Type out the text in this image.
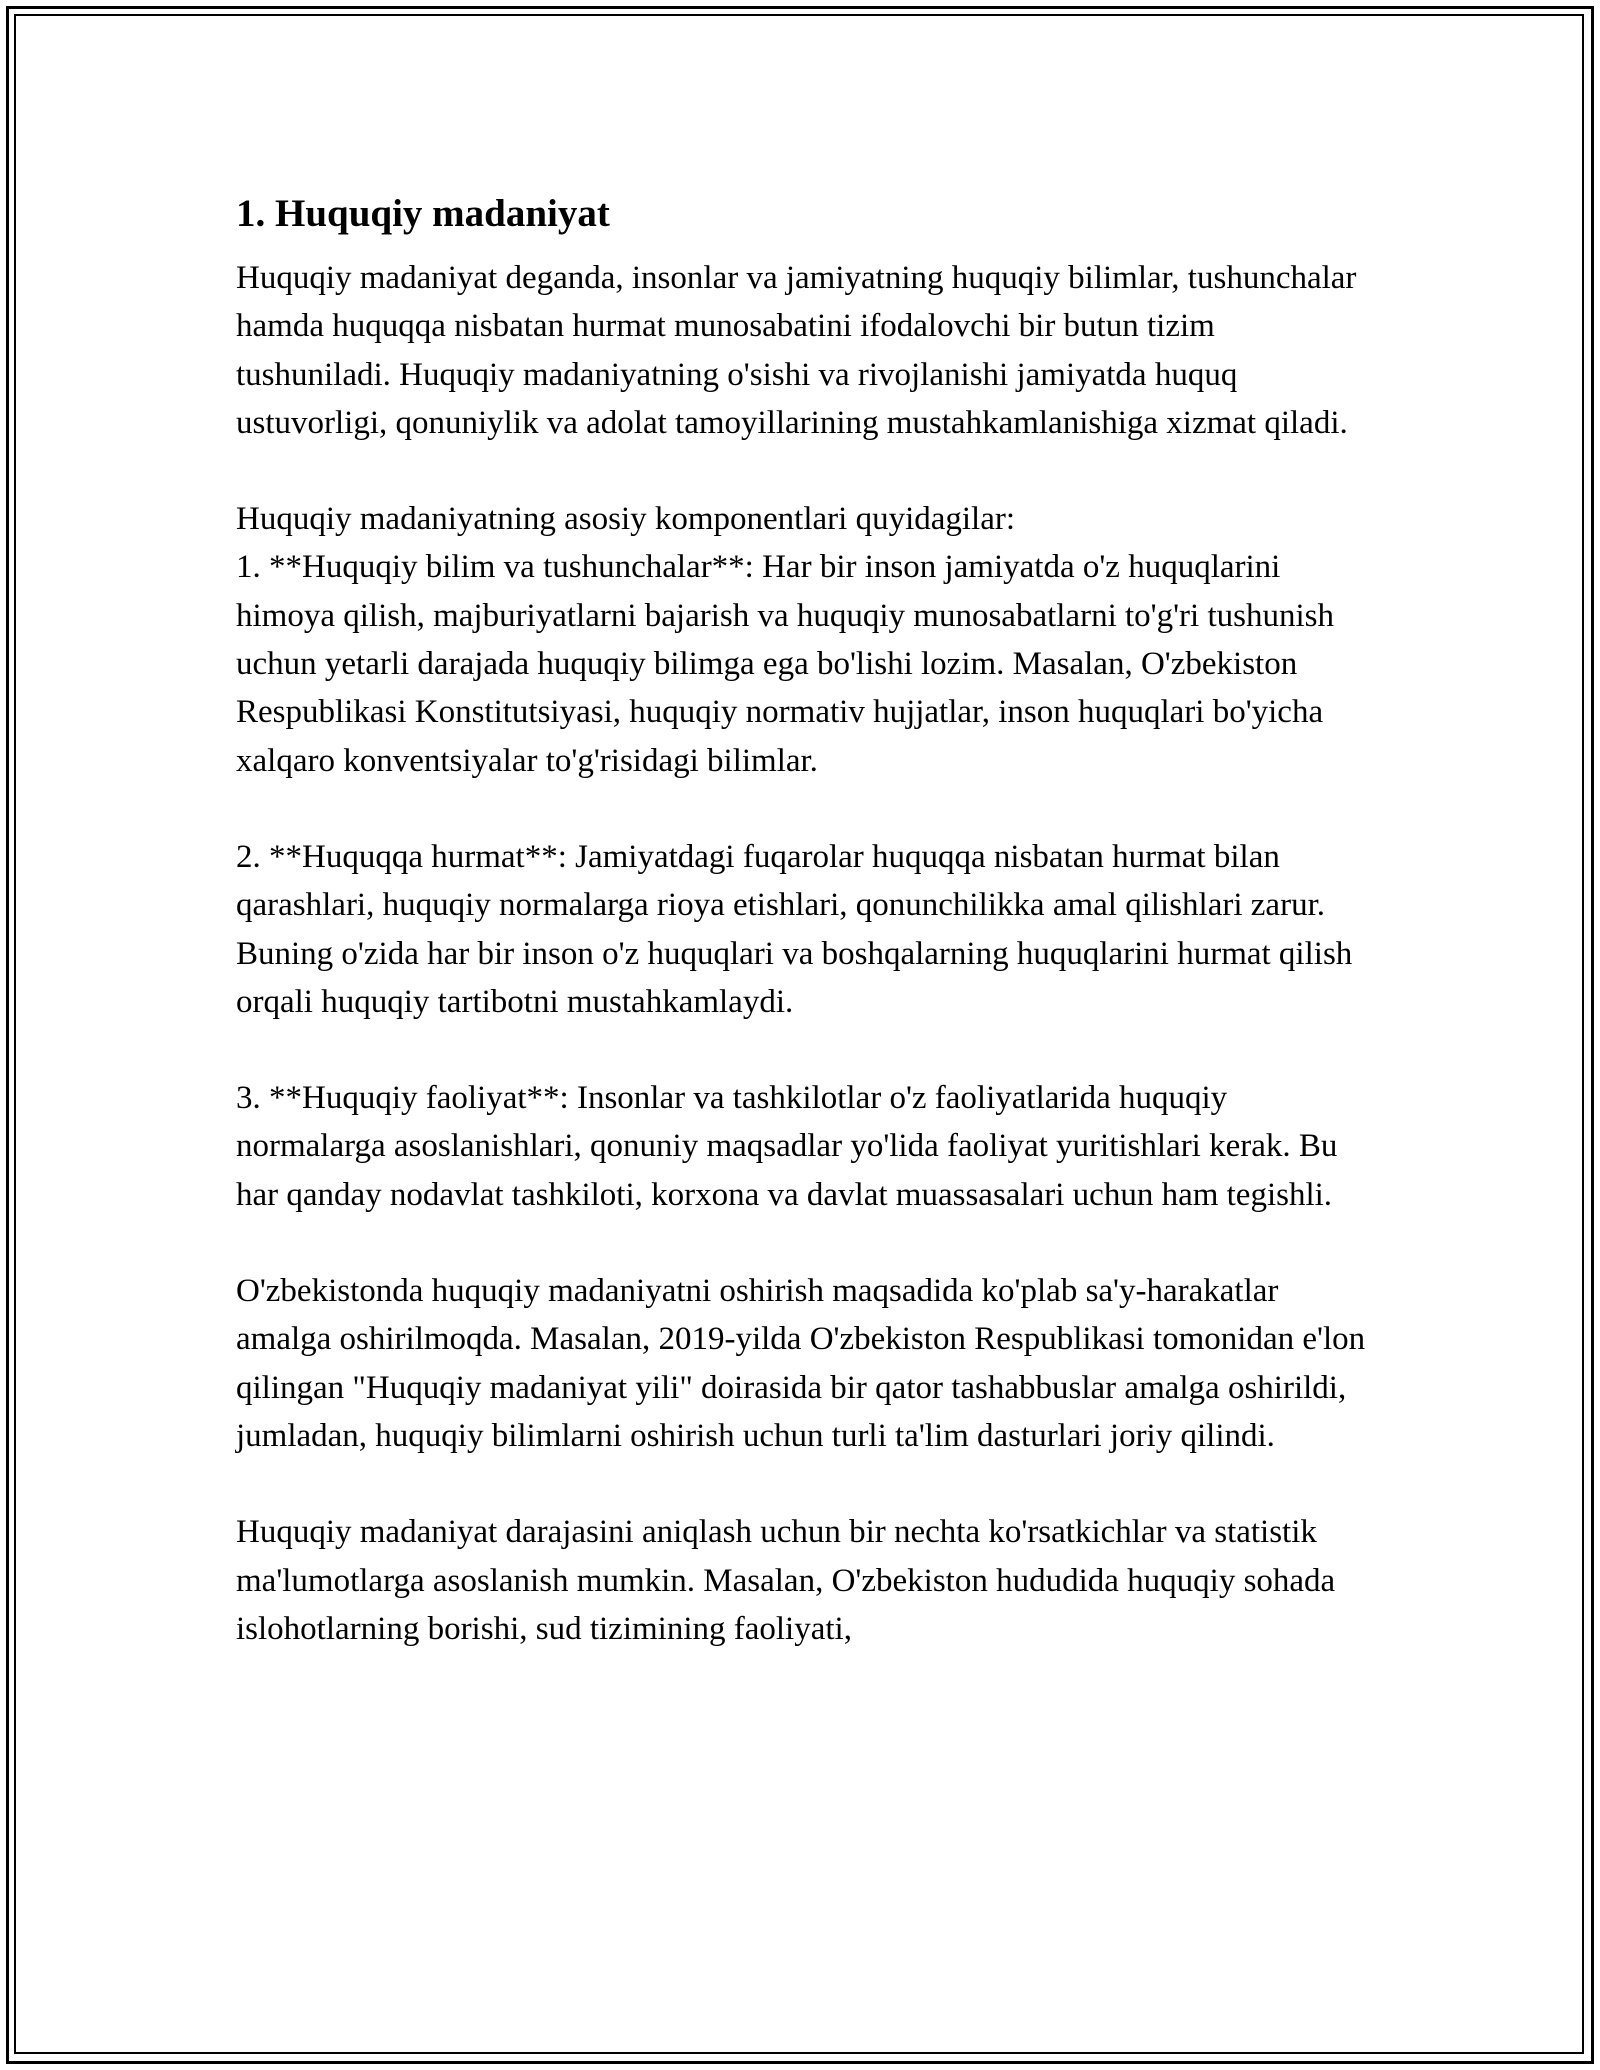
1. Huquqiy madaniyat

Huquqiy madaniyat deganda, insonlar va jamiyatning huquqiy bilimlar, tushunchalar hamda huquqqa nisbatan hurmat munosabatini ifodalovchi bir butun tizim tushuniladi. Huquqiy madaniyatning o'sishi va rivojlanishi jamiyatda huquq ustuvorligi, qonuniylik va adolat tamoyillarining mustahkamlanishiga xizmat qiladi.

Huquqiy madaniyatning asosiy komponentlari quyidagilar:

1. **Huquqiy bilim va tushunchalar**: Har bir inson jamiyatda o'z huquqlarini himoya qilish, majburiyatlarni bajarish va huquqiy munosabatlarni to'g'ri tushunish uchun yetarli darajada huquqiy bilimga ega bo'lishi lozim. Masalan, O'zbekiston Respublikasi Konstitutsiyasi, huquqiy normativ hujjatlar, inson huquqlari bo'yicha xalqaro konventsiyalar to'g'risidagi bilimlar.

2. **Huquqqa hurmat**: Jamiyatdagi fuqarolar huquqqa nisbatan hurmat bilan qarashlari, huquqiy normalarga rioya etishlari, qonunchilikka amal qilishlari zarur. Buning o'zida har bir inson o'z huquqlari va boshqalarning huquqlarini hurmat qilish orqali huquqiy tartibotni mustahkamlaydi.

3. **Huquqiy faoliyat**: Insonlar va tashkilotlar o'z faoliyatlarida huquqiy normalarga asoslanishlari, qonuniy maqsadlar yo'lida faoliyat yuritishlari kerak. Bu har qanday nodavlat tashkiloti, korxona va davlat muassasalari uchun ham tegishli.

O'zbekistonda huquqiy madaniyatni oshirish maqsadida ko'plab sa'y-harakatlar amalga oshirilmoqda. Masalan, 2019-yilda O'zbekiston Respublikasi tomonidan e'lon qilingan "Huquqiy madaniyat yili" doirasida bir qator tashabbuslar amalga oshirildi, jumladan, huquqiy bilimlarni oshirish uchun turli ta'lim dasturlari joriy qilindi.

Huquqiy madaniyat darajasini aniqlash uchun bir nechta ko'rsatkichlar va statistik ma'lumotlarga asoslanish mumkin. Masalan, O'zbekiston hududida huquqiy sohada islohotlarning borishi, sud tizimining faoliyati,
